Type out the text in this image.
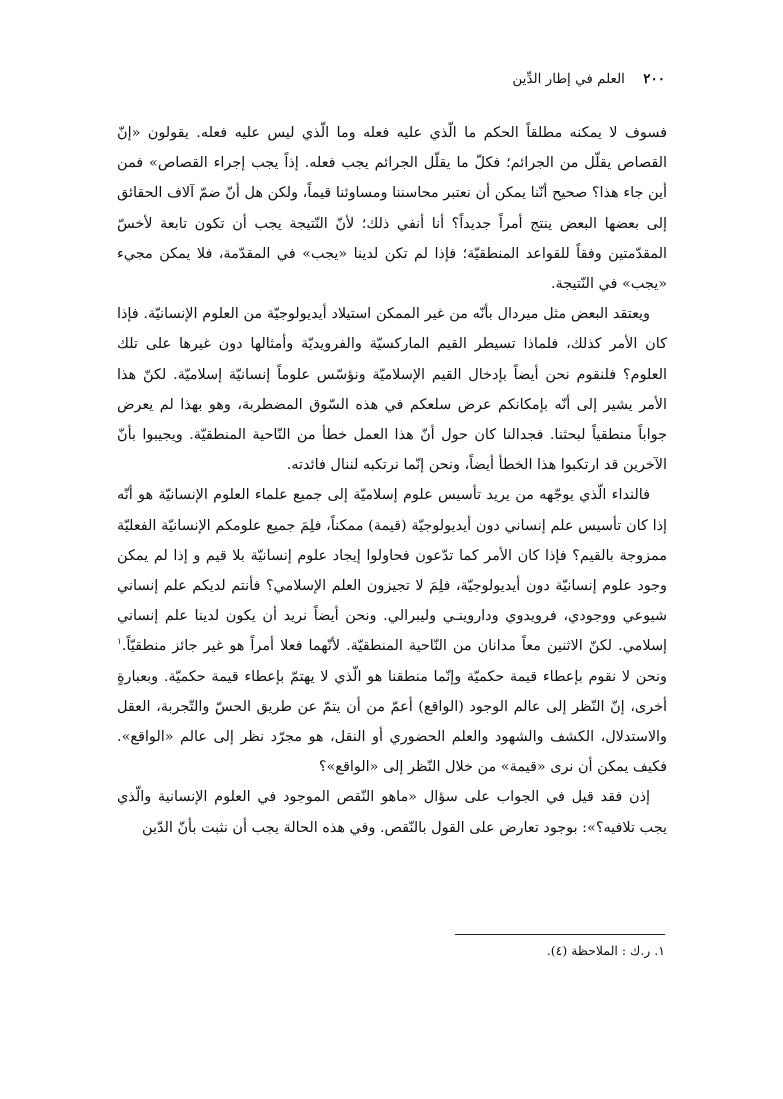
٢٠٠ العلم في إطار الدِّين

فسوف لا يمكنه مطلقاً الحكم ما الّذي عليه فعله وما الّذي ليس عليه فعله. يقولون «إنّ القصاص يقلّل من الجرائم؛ فكلّ ما يقلّل الجرائم يجب فعله. إذاً يجب إجراء القصاص» فمن أين جاء هذا؟ صحيح أنّنا يمكن أن نعتبر محاسننا ومساوئنا قيماً، ولكن هل أنّ ضمّ آلاف الحقائق إلى بعضها البعض ينتج أمراً جديداً؟ أنا أنفي ذلك؛ لأنّ النّتيجة يجب أن تكون تابعة لأخسّ المقدّمتين وفقاً للقواعد المنطقيّة؛ فإذا لم تكن لدينا «يجب» في المقدّمة، فلا يمكن مجيء «يجب» في النّتيجة.

ويعتقد البعض مثل ميردال بأنّه من غير الممكن استيلاد أيديولوجيّة من العلوم الإنسانيّة. فإذا كان الأمر كذلك، فلماذا تسيطر القيم الماركسيّة والفرويديّة وأمثالها دون غيرها على تلك العلوم؟ فلنقوم نحن أيضاً بإدخال القيم الإسلاميّة ونؤسّس علوماً إنسانيّة إسلاميّة. لكنّ هذا الأمر يشير إلى أنّه بإمكانكم عرض سلعكم في هذه السّوق المضطربة، وهو بهذا لم يعرض جواباً منطقياً لبحثنا. فجدالنا كان حول أنّ هذا العمل خطأ من النّاحية المنطقيّة. ويجيبوا بأنّ الآخرين قد ارتكبوا هذا الخطأ أيضاً، ونحن إنّما نرتكبه لننال فائدته.

فالنداء الّذي يوجّهه من يريد تأسيس علوم إسلاميّة إلى جميع علماء العلوم الإنسانيّة هو أنّه إذا كان تأسيس علم إنساني دون أيديولوجيّة (قيمة) ممكناً، فلِمَ جميع علومكم الإنسانيّة الفعليّة ممزوجة بالقيم؟ فإذا كان الأمر كما تدّعون فحاولوا إيجاد علوم إنسانيّة بلا قيم و إذا لم يمكن وجود علوم إنسانيّة دون أيديولوجيّة، فلِمَ لا تجيزون العلم الإسلامي؟ فأنتم لديكم علم إنساني شيوعي ووجودي، فرويدوي وداروينـي وليبرالي. ونحن أيضاً نريد أن يكون لدينا علم إنساني إسلامي. لكنّ الاثنين معاً مدانان من النّاحية المنطقيّة. لأنّهما فعلا أمراً هو غير جائز منطقيّاً.$^١$ ونحن لا نقوم بإعطاء قيمة حكميّة وإنّما منطقنا هو الّذي لا يهتمّ بإعطاء قيمة حكميّة. وبعبارةٍ أخرى، إنّ النّظر إلى عالم الوجود (الواقع) أعمّ من أن يتمّ عن طريق الحسّ والتّجربة، العقل والاستدلال، الكشف والشهود والعلم الحضوري أو النقل، هو مجرّد نظر إلى عالم «الواقع». فكيف يمكن أن نرى «قيمة» من خلال النّظر إلى «الواقع»؟

إذن فقد قيل في الجواب على سؤال «ماهو النّقص الموجود في العلوم الإنسانية والّذي يجب تلافيه؟»: بوجود تعارض على القول بالنّقص. وفي هذه الحالة يجب أن نثبت بأنّ الدّين

١. ر.ك : الملاحظة (٤).
